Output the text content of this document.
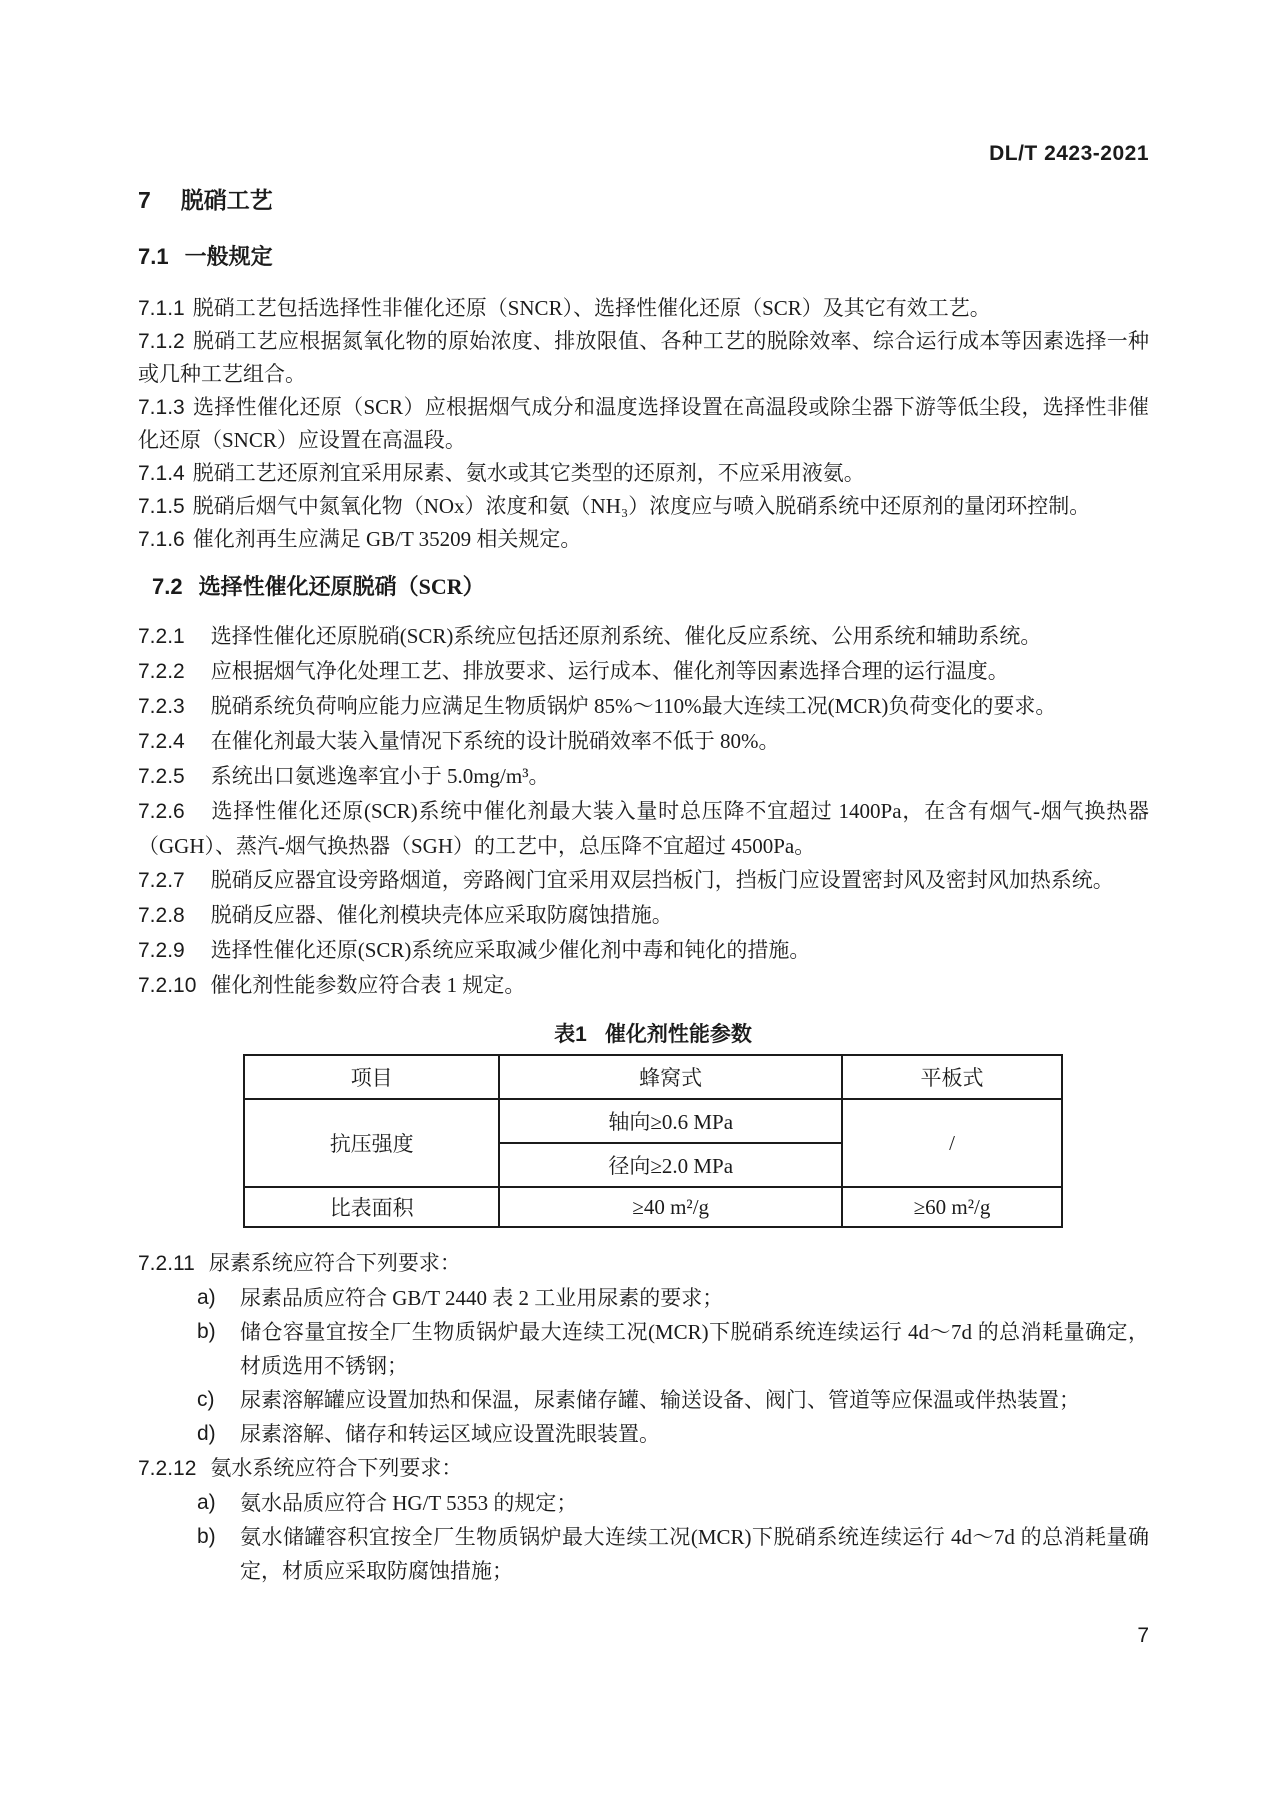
DL/T 2423-2021
7 脱硝工艺
7.1 一般规定

7.1.1 脱硝工艺包括选择性非催化还原（SNCR）、选择性催化还原（SCR）及其它有效工艺。

7.1.2 脱硝工艺应根据氮氧化物的原始浓度、排放限值、各种工艺的脱除效率、综合运行成本等因素选择一种或几种工艺组合。

7.1.3 选择性催化还原（SCR）应根据烟气成分和温度选择设置在高温段或除尘器下游等低尘段，选择性非催化还原（SNCR）应设置在高温段。

7.1.4 脱硝工艺还原剂宜采用尿素、氨水或其它类型的还原剂，不应采用液氨。

7.1.5 脱硝后烟气中氮氧化物（NOx）浓度和氨（NH₃）浓度应与喷入脱硝系统中还原剂的量闭环控制。

7.1.6 催化剂再生应满足 GB/T 35209 相关规定。

7.2 选择性催化还原脱硝（SCR）

7.2.1 选择性催化还原脱硝(SCR)系统应包括还原剂系统、催化反应系统、公用系统和辅助系统。

7.2.2 应根据烟气净化处理工艺、排放要求、运行成本、催化剂等因素选择合理的运行温度。

7.2.3 脱硝系统负荷响应能力应满足生物质锅炉 85%～110%最大连续工况(MCR)负荷变化的要求。

7.2.4 在催化剂最大装入量情况下系统的设计脱硝效率不低于 80%。

7.2.5 系统出口氨逃逸率宜小于 5.0mg/m³。

7.2.6 选择性催化还原(SCR)系统中催化剂最大装入量时总压降不宜超过 1400Pa，在含有烟气-烟气换热器（GGH）、蒸汽-烟气换热器（SGH）的工艺中，总压降不宜超过 4500Pa。

7.2.7 脱硝反应器宜设旁路烟道，旁路阀门宜采用双层挡板门，挡板门应设置密封风及密封风加热系统。

7.2.8 脱硝反应器、催化剂模块壳体应采取防腐蚀措施。

7.2.9 选择性催化还原(SCR)系统应采取减少催化剂中毒和钝化的措施。

7.2.10 催化剂性能参数应符合表 1 规定。

表1 催化剂性能参数
项目	蜂窝式	平板式
抗压强度	轴向≥0.6 MPa	/
	径向≥2.0 MPa	
比表面积	≥40 m²/g	≥60 m²/g

7.2.11 尿素系统应符合下列要求：

a) 尿素品质应符合 GB/T 2440 表 2 工业用尿素的要求；

b) 储仓容量宜按全厂生物质锅炉最大连续工况(MCR)下脱硝系统连续运行 4d～7d 的总消耗量确定，材质选用不锈钢；

c) 尿素溶解罐应设置加热和保温，尿素储存罐、输送设备、阀门、管道等应保温或伴热装置；

d) 尿素溶解、储存和转运区域应设置洗眼装置。

7.2.12 氨水系统应符合下列要求：

a) 氨水品质应符合 HG/T 5353 的规定；

b) 氨水储罐容积宜按全厂生物质锅炉最大连续工况(MCR)下脱硝系统连续运行 4d～7d 的总消耗量确定，材质应采取防腐蚀措施；

7
